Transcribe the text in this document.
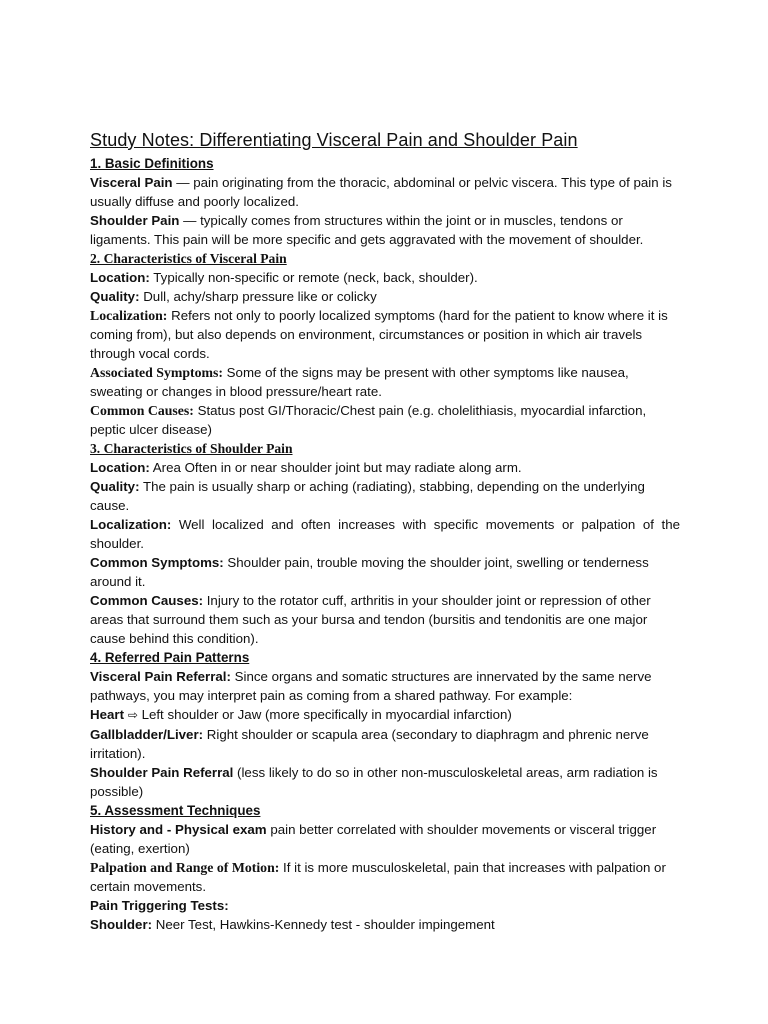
Study Notes: Differentiating Visceral Pain and Shoulder Pain
1. Basic Definitions

Visceral Pain — pain originating from the thoracic, abdominal or pelvic viscera. This type of pain is usually diffuse and poorly localized.

Shoulder Pain — typically comes from structures within the joint or in muscles, tendons or ligaments. This pain will be more specific and gets aggravated with the movement of shoulder.

2. Characteristics of Visceral Pain

Location: Typically non-specific or remote (neck, back, shoulder).

Quality: Dull, achy/sharp pressure like or colicky

Localization: Refers not only to poorly localized symptoms (hard for the patient to know where it is coming from), but also depends on environment, circumstances or position in which air travels through vocal cords.

Associated Symptoms: Some of the signs may be present with other symptoms like nausea, sweating or changes in blood pressure/heart rate.

Common Causes: Status post GI/Thoracic/Chest pain (e.g. cholelithiasis, myocardial infarction, peptic ulcer disease)

3. Characteristics of Shoulder Pain

Location: Area Often in or near shoulder joint but may radiate along arm.

Quality: The pain is usually sharp or aching (radiating), stabbing, depending on the underlying cause.

Localization: Well localized and often increases with specific movements or palpation of the shoulder.

Common Symptoms: Shoulder pain, trouble moving the shoulder joint, swelling or tenderness around it.

Common Causes: Injury to the rotator cuff, arthritis in your shoulder joint or repression of other areas that surround them such as your bursa and tendon (bursitis and tendonitis are one major cause behind this condition).

4. Referred Pain Patterns

Visceral Pain Referral: Since organs and somatic structures are innervated by the same nerve pathways, you may interpret pain as coming from a shared pathway. For example:

Heart ⇨ Left shoulder or Jaw (more specifically in myocardial infarction)

Gallbladder/Liver: Right shoulder or scapula area (secondary to diaphragm and phrenic nerve irritation).

Shoulder Pain Referral (less likely to do so in other non-musculoskeletal areas, arm radiation is possible)

5. Assessment Techniques

History and - Physical exam pain better correlated with shoulder movements or visceral trigger (eating, exertion)

Palpation and Range of Motion: If it is more musculoskeletal, pain that increases with palpation or certain movements.

Pain Triggering Tests:

Shoulder: Neer Test, Hawkins-Kennedy test - shoulder impingement
